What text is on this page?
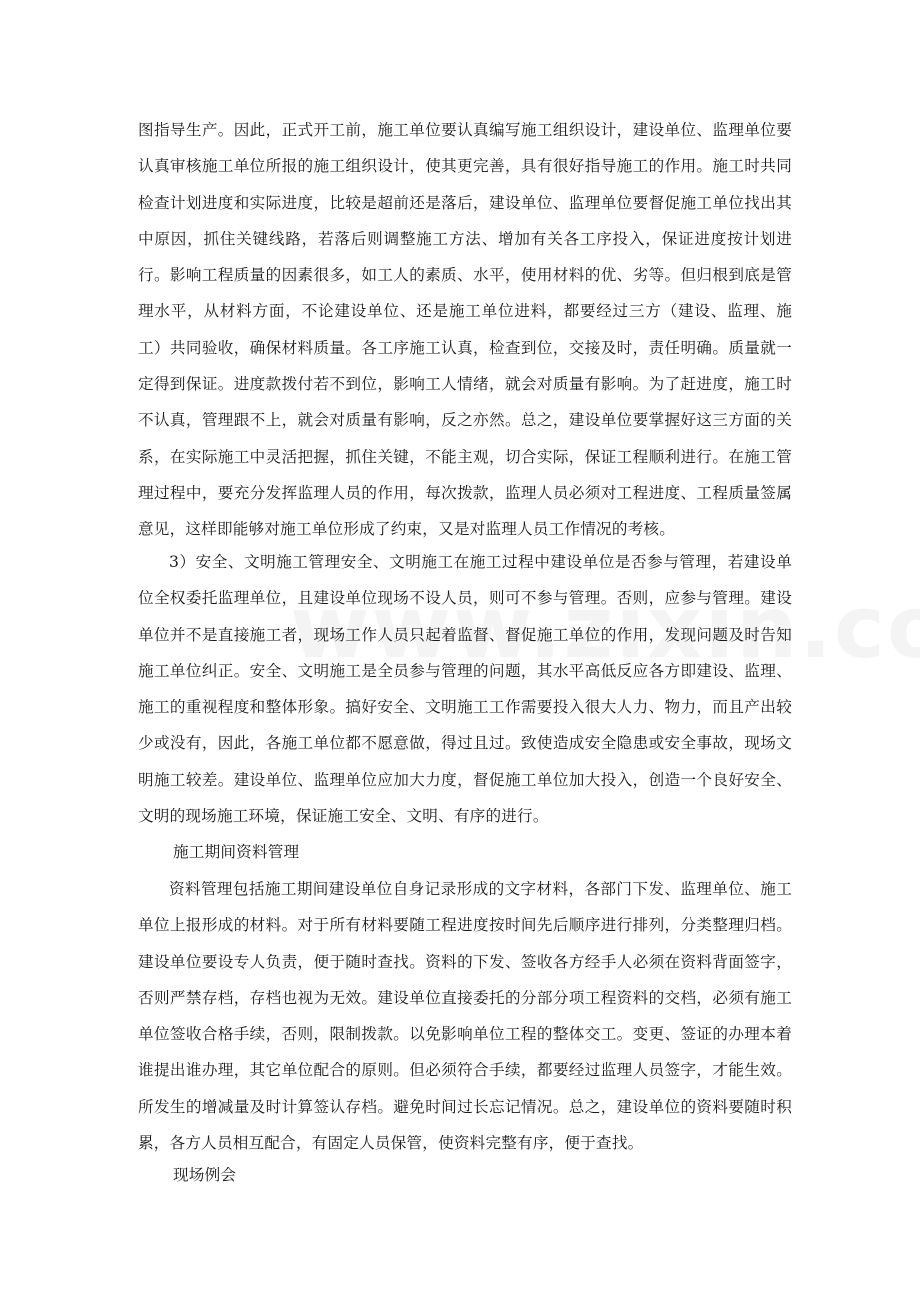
图指导生产。因此，正式开工前，施工单位要认真编写施工组织设计，建设单位、监理单位要认真审核施工单位所报的施工组织设计，使其更完善，具有很好指导施工的作用。施工时共同检查计划进度和实际进度，比较是超前还是落后，建设单位、监理单位要督促施工单位找出其中原因，抓住关键线路，若落后则调整施工方法、增加有关各工序投入，保证进度按计划进行。影响工程质量的因素很多，如工人的素质、水平，使用材料的优、劣等。但归根到底是管理水平，从材料方面，不论建设单位、还是施工单位进料，都要经过三方（建设、监理、施工）共同验收，确保材料质量。各工序施工认真，检查到位，交接及时，责任明确。质量就一定得到保证。进度款拨付若不到位，影响工人情绪，就会对质量有影响。为了赶进度，施工时不认真，管理跟不上，就会对质量有影响，反之亦然。总之，建设单位要掌握好这三方面的关系，在实际施工中灵活把握，抓住关键，不能主观，切合实际，保证工程顺利进行。在施工管理过程中，要充分发挥监理人员的作用，每次拨款，监理人员必须对工程进度、工程质量签属意见，这样即能够对施工单位形成了约束，又是对监理人员工作情况的考核。

3）安全、文明施工管理安全、文明施工在施工过程中建设单位是否参与管理，若建设单位全权委托监理单位，且建设单位现场不设人员，则可不参与管理。否则，应参与管理。建设单位并不是直接施工者，现场工作人员只起着监督、督促施工单位的作用，发现问题及时告知施工单位纠正。安全、文明施工是全员参与管理的问题，其水平高低反应各方即建设、监理、施工的重视程度和整体形象。搞好安全、文明施工工作需要投入很大人力、物力，而且产出较少或没有，因此，各施工单位都不愿意做，得过且过。致使造成安全隐患或安全事故，现场文明施工较差。建设单位、监理单位应加大力度，督促施工单位加大投入，创造一个良好安全、文明的现场施工环境，保证施工安全、文明、有序的进行。

施工期间资料管理

资料管理包括施工期间建设单位自身记录形成的文字材料，各部门下发、监理单位、施工单位上报形成的材料。对于所有材料要随工程进度按时间先后顺序进行排列，分类整理归档。建设单位要设专人负责，便于随时查找。资料的下发、签收各方经手人必须在资料背面签字，否则严禁存档，存档也视为无效。建设单位直接委托的分部分项工程资料的交档，必须有施工单位签收合格手续，否则，限制拨款。以免影响单位工程的整体交工。变更、签证的办理本着谁提出谁办理，其它单位配合的原则。但必须符合手续，都要经过监理人员签字，才能生效。所发生的增减量及时计算签认存档。避免时间过长忘记情况。总之，建设单位的资料要随时积累，各方人员相互配合，有固定人员保管，使资料完整有序，便于查找。

现场例会
